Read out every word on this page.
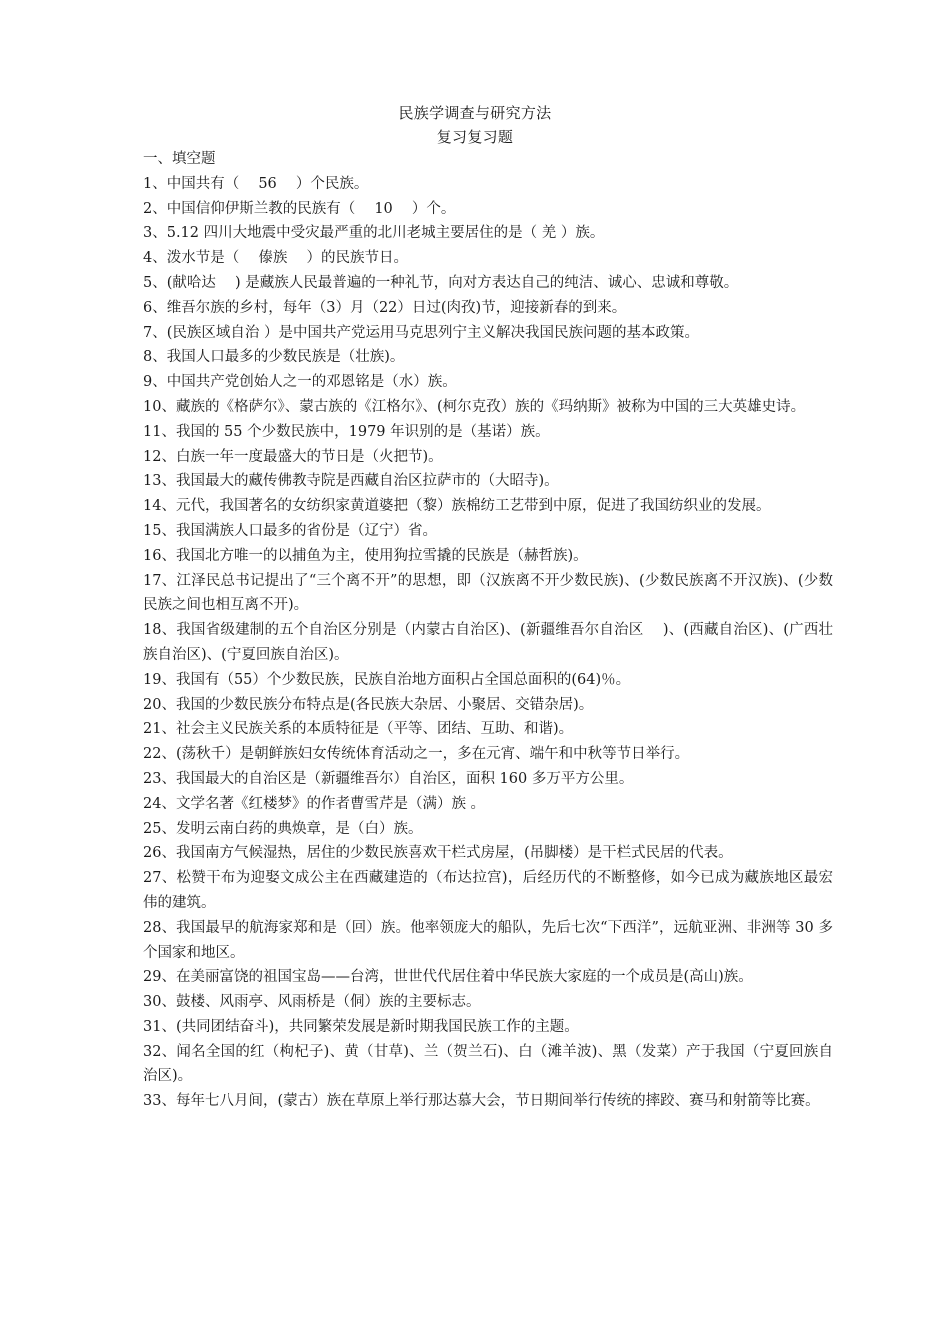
民族学调查与研究方法
复习复习题
一、填空题
1、中国共有（　 56 　）个民族。
2、中国信仰伊斯兰教的民族有（ 　10 　）个。
3、5.12 四川大地震中受灾最严重的北川老城主要居住的是（ 羌 ）族。
4、泼水节是（ 　傣族 　）的民族节日。
5、(献哈达 　) 是藏族人民最普遍的一种礼节，向对方表达自己的纯洁、诚心、忠诚和尊敬。
6、维吾尔族的乡村，每年（3）月（22）日过(肉孜)节，迎接新春的到来。
7、(民族区域自治 ）是中国共产党运用马克思列宁主义解决我国民族问题的基本政策。
8、我国人口最多的少数民族是（壮族)。
9、中国共产党创始人之一的邓恩铭是（水）族。
10、藏族的《格萨尔》、蒙古族的《江格尔》、(柯尔克孜）族的《玛纳斯》被称为中国的三大英雄史诗。
11、我国的 55 个少数民族中，1979 年识别的是（基诺）族。
12、白族一年一度最盛大的节日是（火把节)。
13、我国最大的藏传佛教寺院是西藏自治区拉萨市的（大昭寺)。
14、元代，我国著名的女纺织家黄道婆把（黎）族棉纺工艺带到中原，促进了我国纺织业的发展。
15、我国满族人口最多的省份是（辽宁）省。
16、我国北方唯一的以捕鱼为主，使用狗拉雪撬的民族是（赫哲族)。
17、江泽民总书记提出了“三个离不开”的思想，即（汉族离不开少数民族)、(少数民族离不开汉族)、(少数民族之间也相互离不开)。
18、我国省级建制的五个自治区分别是（内蒙古自治区)、(新疆维吾尔自治区 　)、(西藏自治区)、(广西壮族自治区)、(宁夏回族自治区)。
19、我国有（55）个少数民族，民族自治地方面积占全国总面积的(64)％。
20、我国的少数民族分布特点是(各民族大杂居、小聚居、交错杂居)。
21、社会主义民族关系的本质特征是（平等、团结、互助、和谐)。
22、(荡秋千）是朝鲜族妇女传统体育活动之一，多在元宵、端午和中秋等节日举行。
23、我国最大的自治区是（新疆维吾尔）自治区，面积 160 多万平方公里。
24、文学名著《红楼梦》的作者曹雪芹是（满）族 。
25、发明云南白药的典焕章，是（白）族。
26、我国南方气候湿热，居住的少数民族喜欢干栏式房屋，(吊脚楼）是干栏式民居的代表。
27、松赞干布为迎娶文成公主在西藏建造的（布达拉宫)，后经历代的不断整修，如今已成为藏族地区最宏伟的建筑。
28、我国最早的航海家郑和是（回）族。他率领庞大的船队，先后七次“下西洋”，远航亚洲、非洲等 30 多个国家和地区。
29、在美丽富饶的祖国宝岛——台湾，世世代代居住着中华民族大家庭的一个成员是(高山)族。
30、鼓楼、风雨亭、风雨桥是（侗）族的主要标志。
31、(共同团结奋斗)，共同繁荣发展是新时期我国民族工作的主题。
32、闻名全国的红（枸杞子)、黄（甘草)、兰（贺兰石)、白（滩羊波)、黑（发菜）产于我国（宁夏回族自治区)。
33、每年七八月间，(蒙古）族在草原上举行那达慕大会，节日期间举行传统的摔跤、赛马和射箭等比赛。
